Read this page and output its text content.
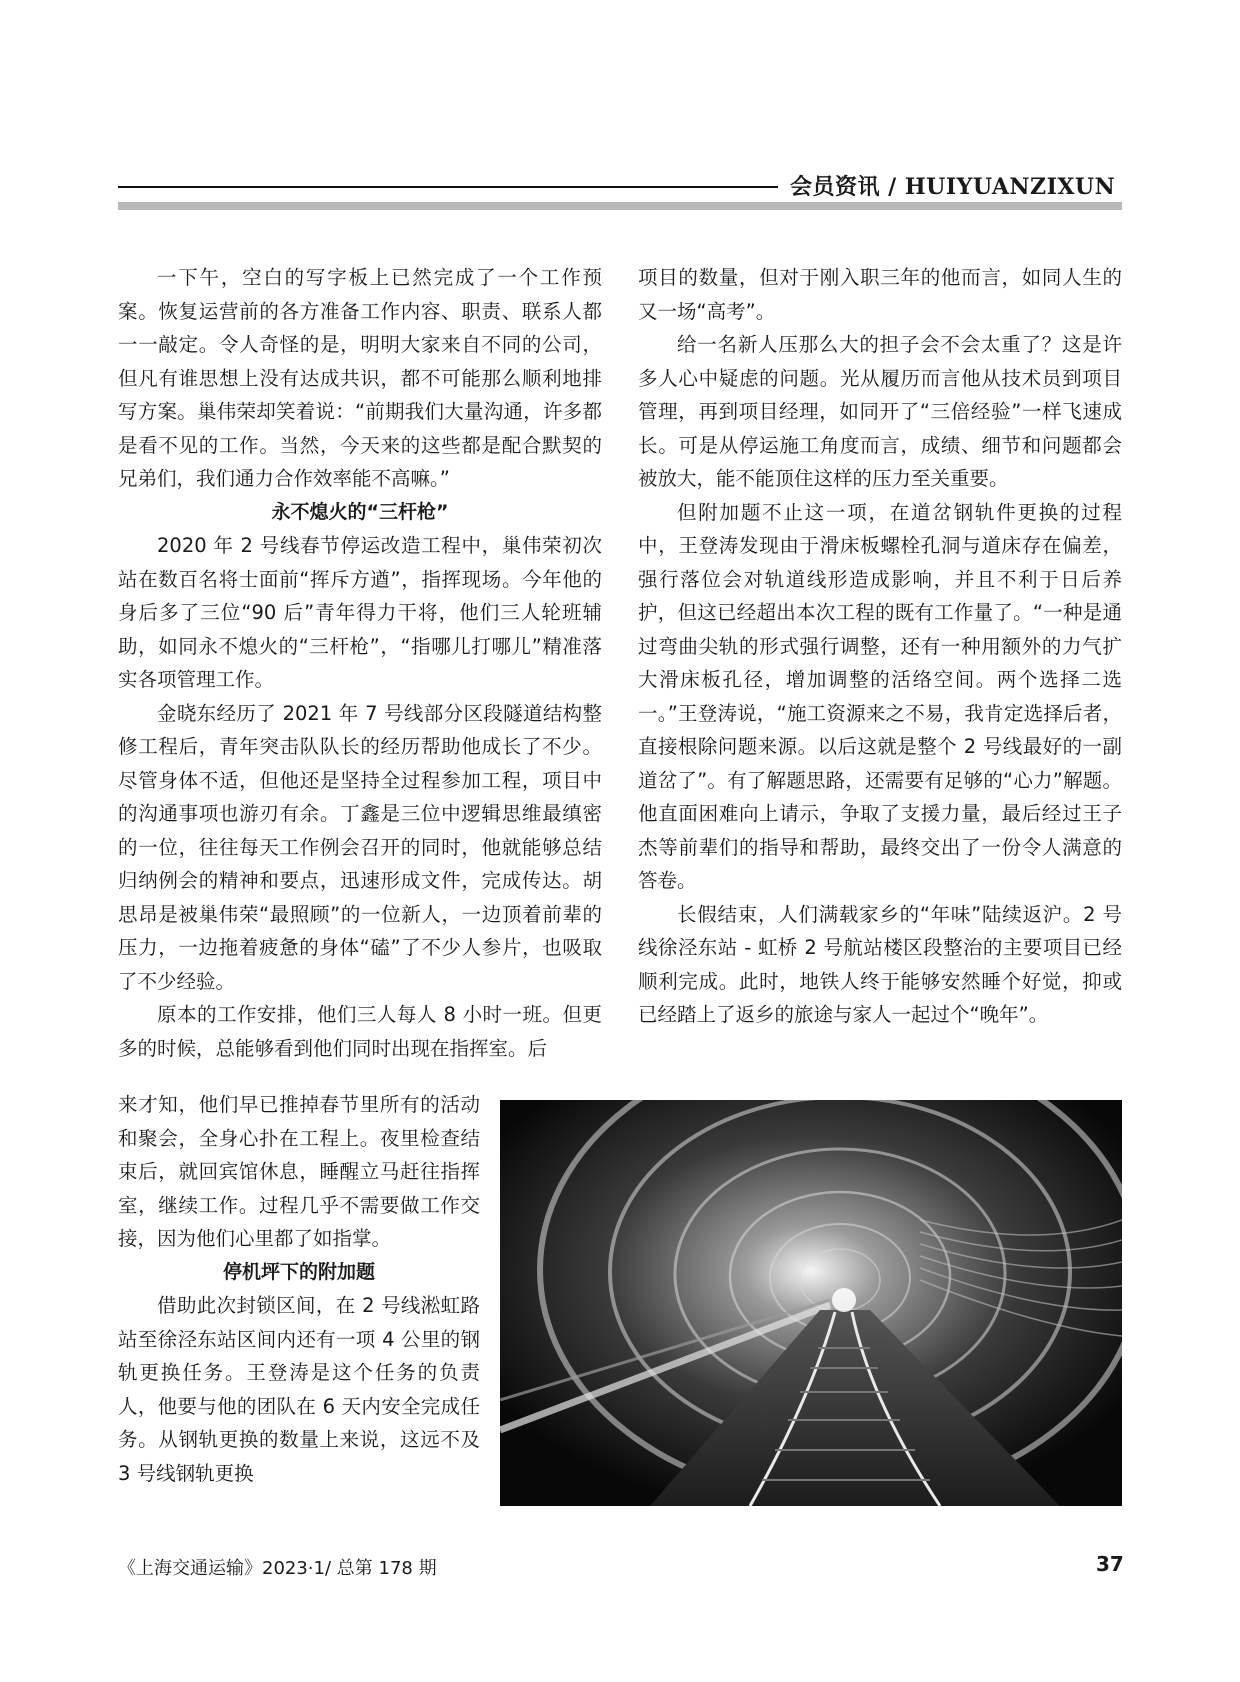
会员资讯 / HUIYUANZIXUN

一下午，空白的写字板上已然完成了一个工作预案。恢复运营前的各方准备工作内容、职责、联系人都一一敲定。令人奇怪的是，明明大家来自不同的公司，但凡有谁思想上没有达成共识，都不可能那么顺利地排写方案。巢伟荣却笑着说：“前期我们大量沟通，许多都是看不见的工作。当然，今天来的这些都是配合默契的兄弟们，我们通力合作效率能不高嘛。”

永不熄火的“三杆枪”

2020 年 2 号线春节停运改造工程中，巢伟荣初次站在数百名将士面前“挥斥方遒”，指挥现场。今年他的身后多了三位“90 后”青年得力干将，他们三人轮班辅助，如同永不熄火的“三杆枪”，“指哪儿打哪儿”精准落实各项管理工作。

金晓东经历了 2021 年 7 号线部分区段隧道结构整修工程后，青年突击队队长的经历帮助他成长了不少。尽管身体不适，但他还是坚持全过程参加工程，项目中的沟通事项也游刃有余。丁鑫是三位中逻辑思维最缜密的一位，往往每天工作例会召开的同时，他就能够总结归纳例会的精神和要点，迅速形成文件，完成传达。胡思昂是被巢伟荣“最照顾”的一位新人，一边顶着前辈的压力，一边拖着疲惫的身体“磕”了不少人参片，也吸取了不少经验。

原本的工作安排，他们三人每人 8 小时一班。但更多的时候，总能够看到他们同时出现在指挥室。后

来才知，他们早已推掉春节里所有的活动和聚会，全身心扑在工程上。夜里检查结束后，就回宾馆休息，睡醒立马赶往指挥室，继续工作。过程几乎不需要做工作交接，因为他们心里都了如指掌。

停机坪下的附加题

借助此次封锁区间，在 2 号线淞虹路站至徐泾东站区间内还有一项 4 公里的钢轨更换任务。王登涛是这个任务的负责人，他要与他的团队在 6 天内安全完成任务。从钢轨更换的数量上来说，这远不及 3 号线钢轨更换

项目的数量，但对于刚入职三年的他而言，如同人生的又一场“高考”。

给一名新人压那么大的担子会不会太重了？这是许多人心中疑虑的问题。光从履历而言他从技术员到项目管理，再到项目经理，如同开了“三倍经验”一样飞速成长。可是从停运施工角度而言，成绩、细节和问题都会被放大，能不能顶住这样的压力至关重要。

但附加题不止这一项，在道岔钢轨件更换的过程中，王登涛发现由于滑床板螺栓孔洞与道床存在偏差，强行落位会对轨道线形造成影响，并且不利于日后养护，但这已经超出本次工程的既有工作量了。“一种是通过弯曲尖轨的形式强行调整，还有一种用额外的力气扩大滑床板孔径，增加调整的活络空间。两个选择二选一。”王登涛说，“施工资源来之不易，我肯定选择后者，直接根除问题来源。以后这就是整个 2 号线最好的一副道岔了”。有了解题思路，还需要有足够的“心力”解题。他直面困难向上请示，争取了支援力量，最后经过王子杰等前辈们的指导和帮助，最终交出了一份令人满意的答卷。

长假结束，人们满载家乡的“年味”陆续返沪。2 号线徐泾东站 - 虹桥 2 号航站楼区段整治的主要项目已经顺利完成。此时，地铁人终于能够安然睡个好觉，抑或已经踏上了返乡的旅途与家人一起过个“晚年”。

《上海交通运输》2023·1/ 总第 178 期	37
